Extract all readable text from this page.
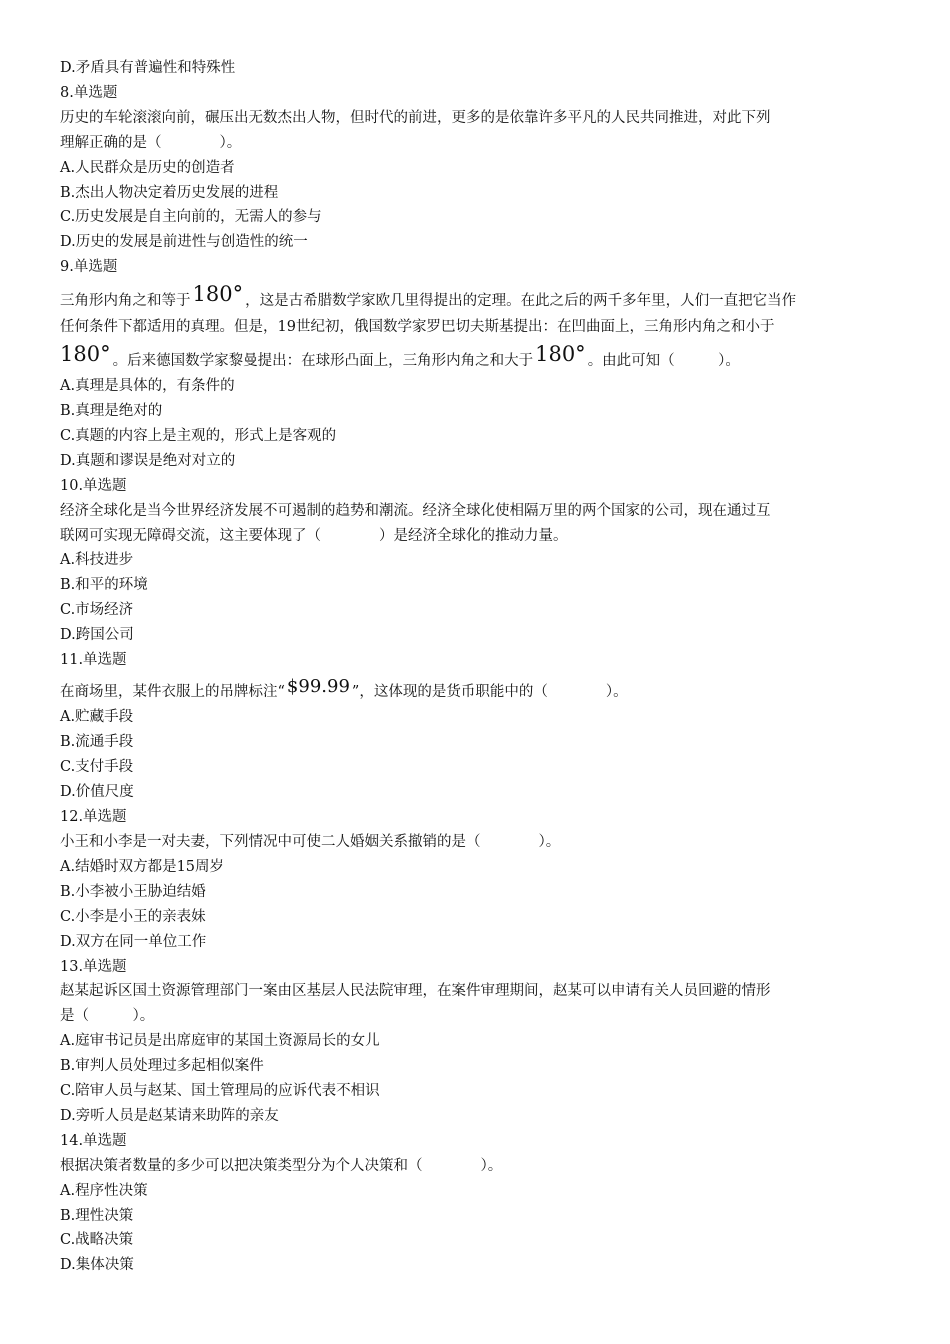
D.矛盾具有普遍性和特殊性
8.单选题
历史的车轮滚滚向前，碾压出无数杰出人物，但时代的前进，更多的是依靠许多平凡的人民共同推进，对此下列
理解正确的是（　　　　）。
A.人民群众是历史的创造者
B.杰出人物决定着历史发展的进程
C.历史发展是自主向前的，无需人的参与
D.历史的发展是前进性与创造性的统一
9.单选题
三角形内角之和等于180° ，这是古希腊数学家欧几里得提出的定理。在此之后的两千多年里，人们一直把它当作
任何条件下都适用的真理。但是，19世纪初，俄国数学家罗巴切夫斯基提出：在凹曲面上，三角形内角之和小于
180° 。后来德国数学家黎曼提出：在球形凸面上，三角形内角之和大于180° 。由此可知（　　　）。
A.真理是具体的，有条件的
B.真理是绝对的
C.真题的内容上是主观的，形式上是客观的
D.真题和谬误是绝对对立的
10.单选题
经济全球化是当今世界经济发展不可遏制的趋势和潮流。经济全球化使相隔万里的两个国家的公司，现在通过互
联网可实现无障碍交流，这主要体现了（　　　　）是经济全球化的推动力量。
A.科技进步
B.和平的环境
C.市场经济
D.跨国公司
11.单选题
在商场里，某件衣服上的吊牌标注“ $99.99 ”，这体现的是货币职能中的（　　　　）。
A.贮藏手段
B.流通手段
C.支付手段
D.价值尺度
12.单选题
小王和小李是一对夫妻，下列情况中可使二人婚姻关系撤销的是（　　　　）。
A.结婚时双方都是15周岁
B.小李被小王胁迫结婚
C.小李是小王的亲表妹
D.双方在同一单位工作
13.单选题
赵某起诉区国土资源管理部门一案由区基层人民法院审理，在案件审理期间，赵某可以申请有关人员回避的情形
是（　　　）。
A.庭审书记员是出席庭审的某国土资源局长的女儿
B.审判人员处理过多起相似案件
C.陪审人员与赵某、国土管理局的应诉代表不相识
D.旁听人员是赵某请来助阵的亲友
14.单选题
根据决策者数量的多少可以把决策类型分为个人决策和（　　　　）。
A.程序性决策
B.理性决策
C.战略决策
D.集体决策
